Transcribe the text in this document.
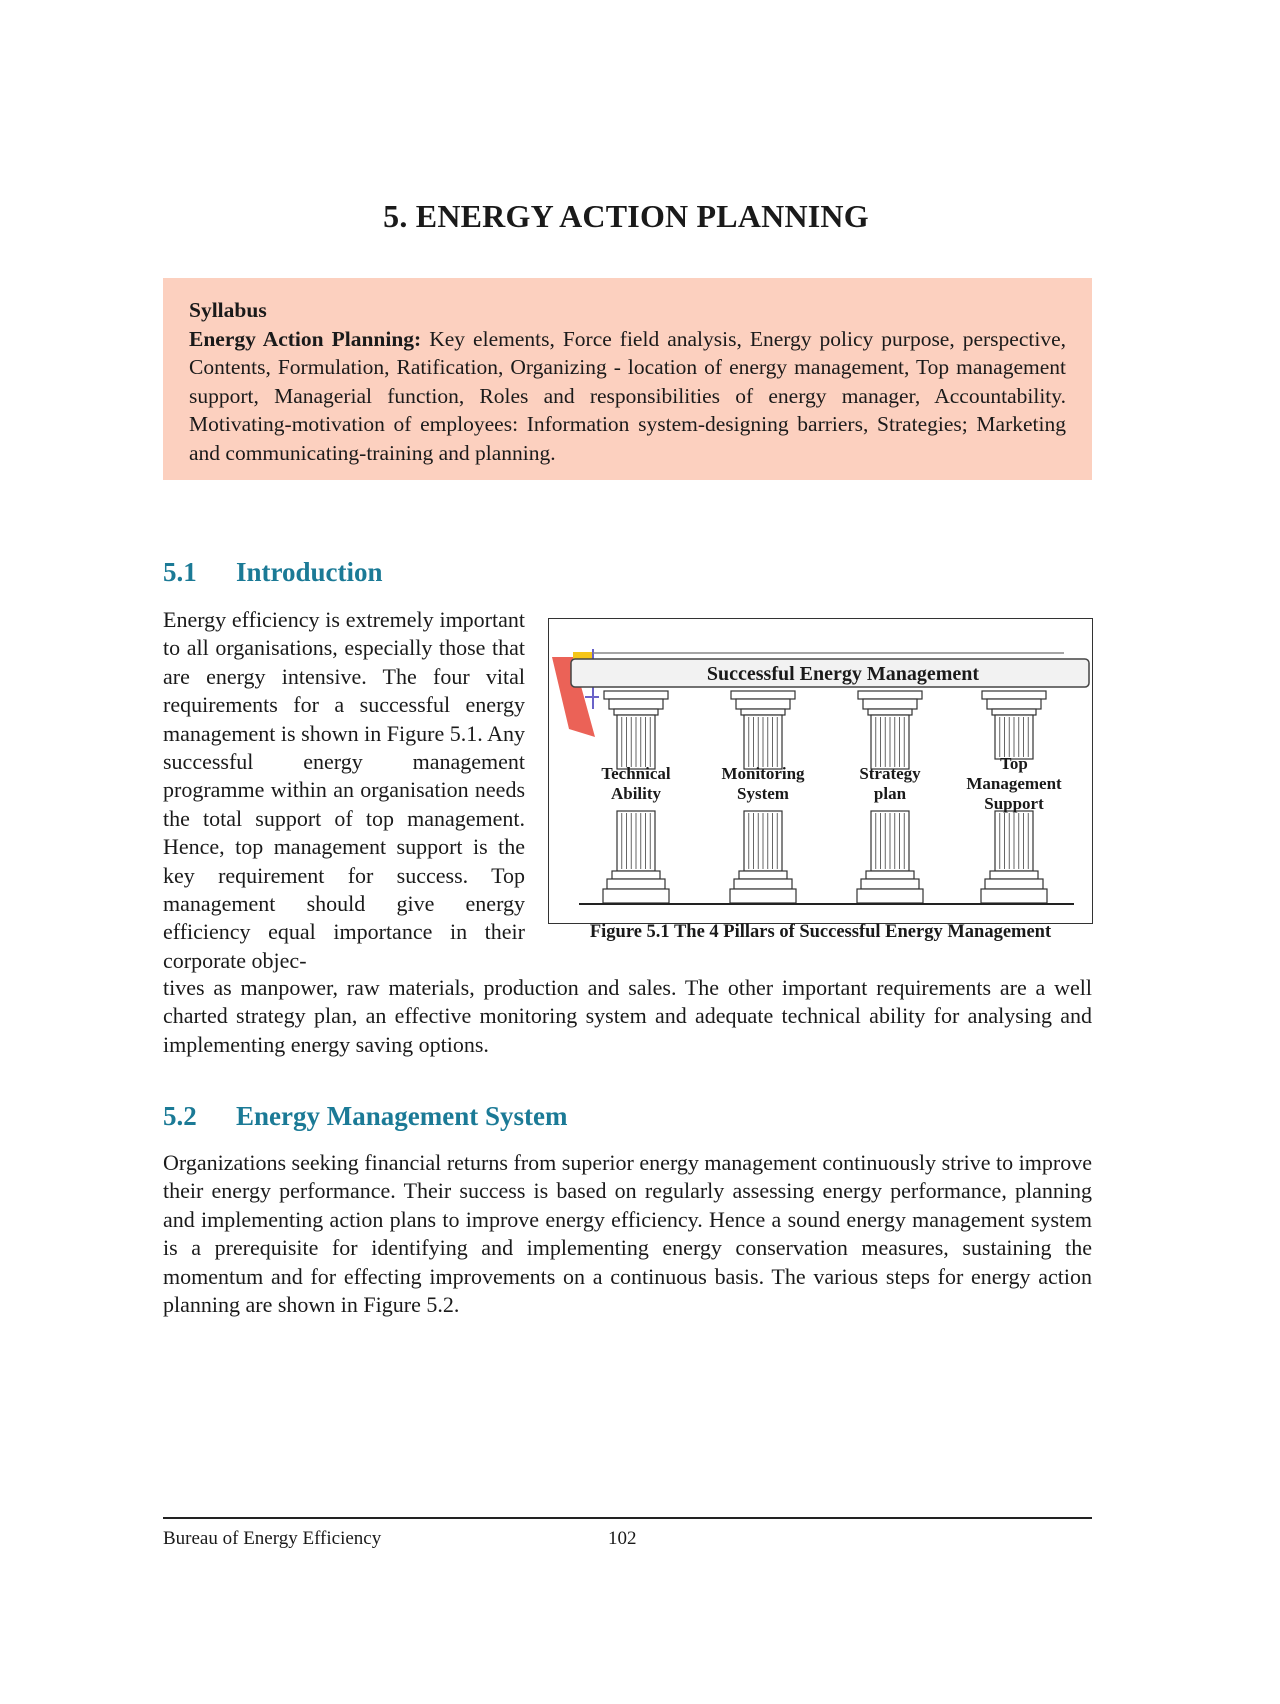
5. ENERGY ACTION PLANNING
Syllabus

Energy Action Planning: Key elements, Force field analysis, Energy policy purpose, perspective, Contents, Formulation, Ratification, Organizing - location of energy management, Top management support, Managerial function, Roles and responsibilities of energy manager, Accountability. Motivating-motivation of employees: Information system-designing barriers, Strategies; Marketing and communicating-training and planning.

5.1 Introduction

Energy efficiency is extremely important to all organisations, especially those that are energy intensive. The four vital requirements for a successful energy management is shown in Figure 5.1. Any successful energy management programme within an organisation needs the total support of top management. Hence, top management support is the key requirement for success. Top management should give energy efficiency equal importance in their corporate objec-

tives as manpower, raw materials, production and sales. The other important requirements are a well charted strategy plan, an effective monitoring system and adequate technical ability for analysing and implementing energy saving options.

Successful Energy Management
Technical
Ability
Monitoring
System
Strategy
plan
Top
Management
Support

Figure 5.1 The 4 Pillars of Successful Energy Management

5.2 Energy Management System

Organizations seeking financial returns from superior energy management continuously strive to improve their energy performance. Their success is based on regularly assessing energy performance, planning and implementing action plans to improve energy efficiency. Hence a sound energy management system is a prerequisite for identifying and implementing energy conservation measures, sustaining the momentum and for effecting improvements on a continuous basis. The various steps for energy action planning are shown in Figure 5.2.

Bureau of Energy Efficiency	102
